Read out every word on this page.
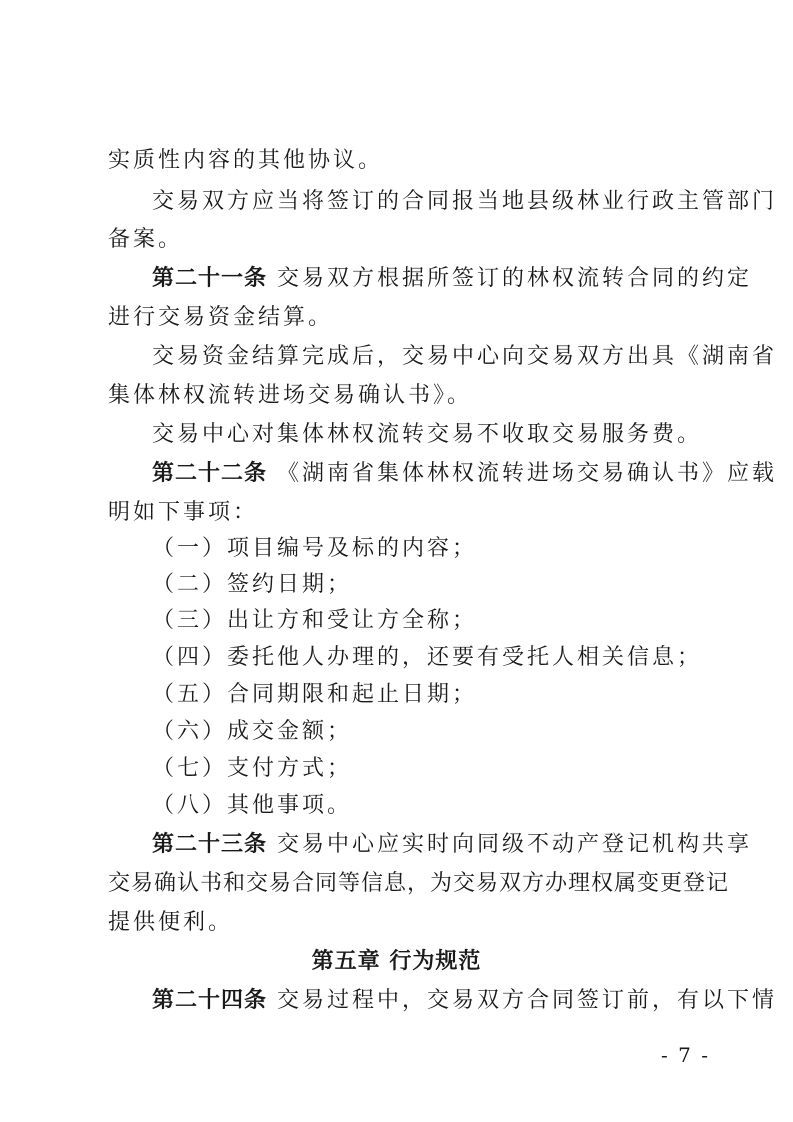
实质性内容的其他协议。
交易双方应当将签订的合同报当地县级林业行政主管部门
备案。
第二十一条 交易双方根据所签订的林权流转合同的约定
进行交易资金结算。
交易资金结算完成后，交易中心向交易双方出具《湖南省
集体林权流转进场交易确认书》。
交易中心对集体林权流转交易不收取交易服务费。
第二十二条 《湖南省集体林权流转进场交易确认书》应载
明如下事项：
（一）项目编号及标的内容；
（二）签约日期；
（三）出让方和受让方全称；
（四）委托他人办理的，还要有受托人相关信息；
（五）合同期限和起止日期；
（六）成交金额；
（七）支付方式；
（八）其他事项。
第二十三条 交易中心应实时向同级不动产登记机构共享
交易确认书和交易合同等信息，为交易双方办理权属变更登记
提供便利。
第五章 行为规范
第二十四条 交易过程中，交易双方合同签订前，有以下情
- 7 -
